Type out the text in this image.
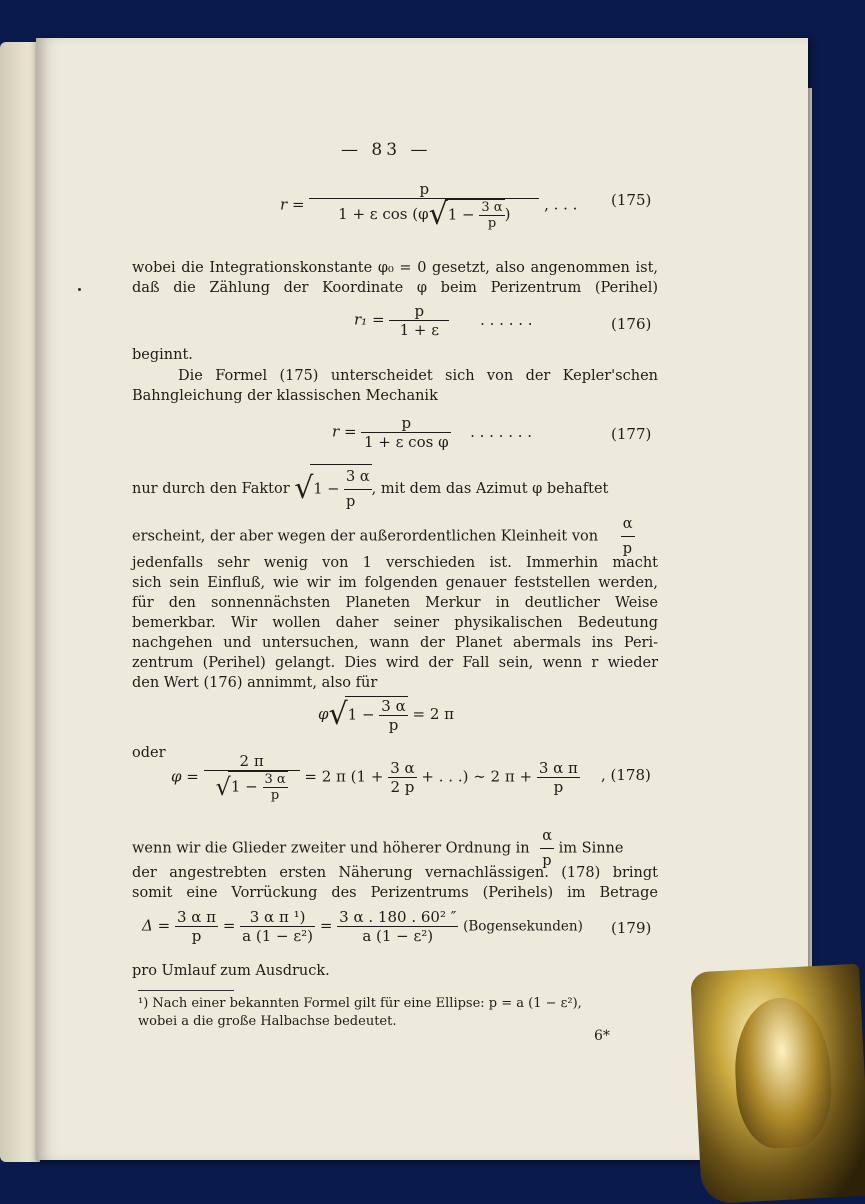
— 83 —
$r = \frac{p}{1 + \varepsilon \cos (\varphi√1 - \frac{3 \alpha}{p} )}$ , . . . (175)
wobei die Integrationskonstante φ₀ = 0 gesetzt, also angenommen ist,
daß die Zählung der Koordinate φ beim Perizentrum (Perihel)
$r_1 = \frac{p}{1 + \varepsilon}$ . . . . . .	(176)
beginnt.
Die Formel (175) unterscheidet sich von der Kepler'schen
Bahngleichung der klassischen Mechanik
$r = \frac{p}{\text{1 + ε cos φ}}$ . . . . . . .	(177)
nur durch den Faktor $√1 - \frac{3 \alpha}{p}$ , mit dem das Azimut φ behaftet
erscheint, der aber wegen der außerordentlichen Kleinheit von $\frac{\alpha}{p}$
jedenfalls sehr wenig von 1 verschieden ist. Immerhin macht
sich sein Einfluß, wie wir im folgenden genauer feststellen werden,
für den sonnennächsten Planeten Merkur in deutlicher Weise
bemerkbar. Wir wollen daher seiner physikalischen Bedeutung
nachgehen und untersuchen, wann der Planet abermals ins Peri-
zentrum (Perihel) gelangt. Dies wird der Fall sein, wenn r wieder
den Wert (176) annimmt, also für
$\varphi√1 - \frac{3 \alpha}{p} = 2$ π
oder
$\varphi = \frac{2 \pi}{√1 - \frac{3 \alpha}{p}} = 2$ π ($1 + \frac{3 \alpha}{2 p}$ + . . .) ∼ 2 $\pi + \frac{\text{3 α π}}{p}$ , (178)
wenn wir die Glieder zweiter und höherer Ordnung in $\frac{\alpha}{p}$ im Sinne
der angestrebten ersten Näherung vernachlässigen. (178) bringt
somit eine Vorrückung des Perizentrums (Perihels) im Betrage
$\Delta = \frac{\text{3 α π}}{p} = \frac{\text{3 α π ¹)}}{\text{a (1 − ε²)}} = \frac{\text{3 α . 180 . 60² ″}}{\text{a (1 − ε²)}}$ (Bogensekunden) (179)
pro Umlauf zum Ausdruck.
¹) Nach einer bekannten Formel gilt für eine Ellipse: p = a (1 − ε²),
wobei a die große Halbachse bedeutet.
6*
